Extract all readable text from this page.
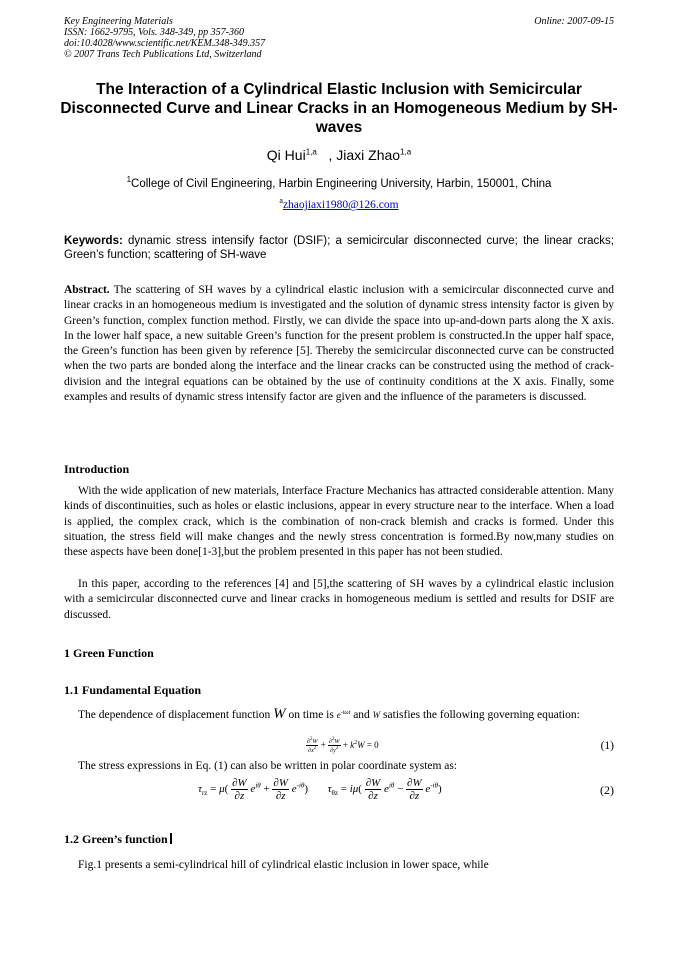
Key Engineering Materials
ISSN: 1662-9795, Vols. 348-349, pp 357-360
doi:10.4028/www.scientific.net/KEM.348-349.357
© 2007 Trans Tech Publications Ltd, Switzerland
Online: 2007-09-15
The Interaction of a Cylindrical Elastic Inclusion with Semicircular Disconnected Curve and Linear Cracks in an Homogeneous Medium by SH-waves
Qi Hui$^{1,a}$ , Jiaxi Zhao$^{1,a}$
$^1$College of Civil Engineering, Harbin Engineering University, Harbin, 150001, China
$^a$zhaojiaxi1980@126.com
Keywords: dynamic stress intensify factor (DSIF); a semicircular disconnected curve; the linear cracks; Green’s function; scattering of SH-wave

Abstract. The scattering of SH waves by a cylindrical elastic inclusion with a semicircular disconnected curve and linear cracks in an homogeneous medium is investigated and the solution of dynamic stress intensity factor is given by Green’s function, complex function method. Firstly, we can divide the space into up-and-down parts along the X axis. In the lower half space, a new suitable Green’s function for the present problem is constructed.In the upper half space, the Green’s function has been given by reference [5]. Thereby the semicircular disconnected curve can be constructed when the two parts are bonded along the interface and the linear cracks can be constructed using the method of crack-division and the integral equations can be obtained by the use of continuity conditions at the X axis. Finally, some examples and results of dynamic stress intensify factor are given and the influence of the parameters is discussed.

Introduction

With the wide application of new materials, Interface Fracture Mechanics has attracted considerable attention. Many kinds of discontinuities, such as holes or elastic inclusions, appear in every structure near to the interface. When a load is applied, the complex crack, which is the combination of non-crack blemish and cracks is formed. Under this situation, the stress field will make changes and the newly stress concentration is formed.By now,many studies on these aspects have been done[1-3],but the problem presented in this paper has not been studied.

In this paper, according to the references [4] and [5],the scattering of SH waves by a cylindrical elastic inclusion with a semicircular disconnected curve and linear cracks in homogeneous medium is settled and results for DSIF are discussed.

1 Green Function
1.1 Fundamental Equation

The dependence of displacement function W on time is $e^{-i\omega t}$ and W satisfies the following governing equation:

$\frac{\partial^2W}{\partial x^2} + \frac{\partial^2W}{\partial y^2} + k^2W = 0$	(1)

The stress expressions in Eq. (1) can also be written in polar coordinate system as:

$\tau_{rz} = \mu( \frac{\partial W}{\partial z} e^{i\theta} + \frac{\partial W}{\partial z} e^{-i\theta}) \tau_{\theta z} = i\mu( \frac{\partial W}{\partial z} e^{i\theta} - \frac{\partial W}{\partial z} e^{-i\theta})$	(2)
1.2 Green’s function

Fig.1 presents a semi-cylindrical hill of cylindrical elastic inclusion in lower space, while
